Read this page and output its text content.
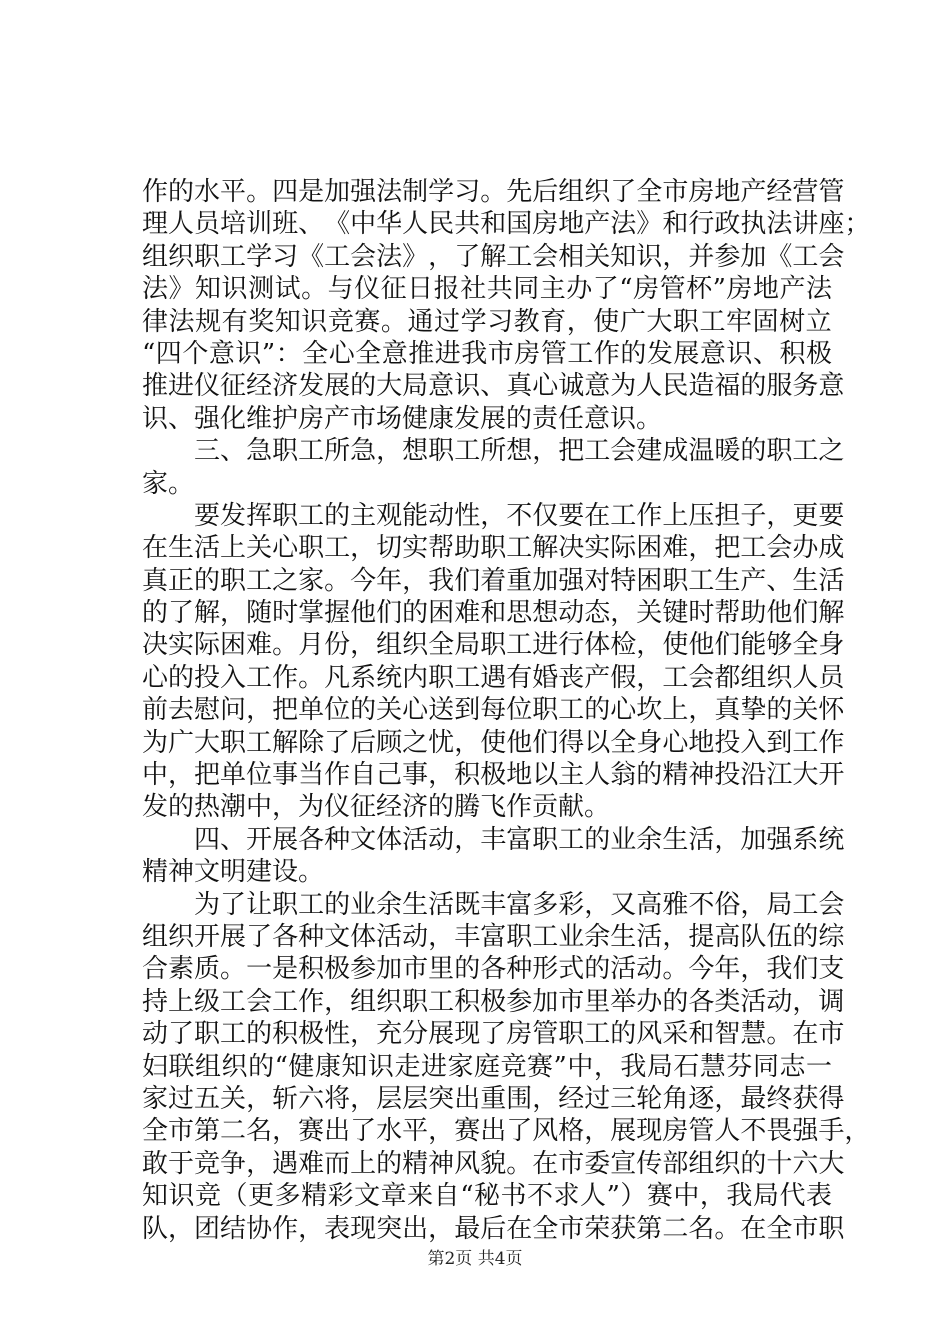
作 的 水 平 。 四 是 加 强 法 制 学 习 。 先 后 组 织 了 全 市 房 地 产 经 营 管
理 人 员 培 训 班 、 《 中 华 人 民 共 和 国 房 地 产 法 》 和 行 政 执 法 讲 座 ；
组 织 职 工 学 习 《 工 会 法 》 ， 了 解 工 会 相 关 知 识 ， 并 参 加 《 工 会
法 》 知 识 测 试 。 与 仪 征 日 报 社 共 同 主 办 了 “ 房 管 杯 ” 房 地 产 法
律 法 规 有 奖 知 识 竞 赛 。 通 过 学 习 教 育 ， 使 广 大 职 工 牢 固 树 立
“ 四 个 意 识 ” ： 全 心 全 意 推 进 我 市 房 管 工 作 的 发 展 意 识 、 积 极
推 进 仪 征 经 济 发 展 的 大 局 意 识 、 真 心 诚 意 为 人 民 造 福 的 服 务 意
识、强化维护房产市场健康发展的责任意识。

三 、 急 职 工 所 急 ， 想 职 工 所 想 ， 把 工 会 建 成 温 暖 的 职 工 之
家。

要 发 挥 职 工 的 主 观 能 动 性 ， 不 仅 要 在 工 作 上 压 担 子 ， 更 要
在 生 活 上 关 心 职 工 ， 切 实 帮 助 职 工 解 决 实 际 困 难 ， 把 工 会 办 成
真 正 的 职 工 之 家 。 今 年 ， 我 们 着 重 加 强 对 特 困 职 工 生 产 、 生 活
的 了 解 ， 随 时 掌 握 他 们 的 困 难 和 思 想 动 态 ， 关 键 时 帮 助 他 们 解
决 实 际 困 难 。 月 份 ， 组 织 全 局 职 工 进 行 体 检 ， 使 他 们 能 够 全 身
心 的 投 入 工 作 。 凡 系 统 内 职 工 遇 有 婚 丧 产 假 ， 工 会 都 组 织 人 员
前 去 慰 问 ， 把 单 位 的 关 心 送 到 每 位 职 工 的 心 坎 上 ， 真 挚 的 关 怀
为 广 大 职 工 解 除 了 后 顾 之 忧 ， 使 他 们 得 以 全 身 心 地 投 入 到 工 作
中 ， 把 单 位 事 当 作 自 己 事 ， 积 极 地 以 主 人 翁 的 精 神 投 沿 江 大 开
发的热潮中，为仪征经济的腾飞作贡献。

四 、 开 展 各 种 文 体 活 动 ， 丰 富 职 工 的 业 余 生 活 ， 加 强 系 统
精神文明建设。

为 了 让 职 工 的 业 余 生 活 既 丰 富 多 彩 ， 又 高 雅 不 俗 ， 局 工 会
组 织 开 展 了 各 种 文 体 活 动 ， 丰 富 职 工 业 余 生 活 ， 提 高 队 伍 的 综
合 素 质 。 一 是 积 极 参 加 市 里 的 各 种 形 式 的 活 动 。 今 年 ， 我 们 支
持 上 级 工 会 工 作 ， 组 织 职 工 积 极 参 加 市 里 举 办 的 各 类 活 动 ， 调
动 了 职 工 的 积 极 性 ， 充 分 展 现 了 房 管 职 工 的 风 采 和 智 慧 。 在 市
妇 联 组 织 的 “ 健 康 知 识 走 进 家 庭 竞 赛 ” 中 ， 我 局 石 慧 芬 同 志 一
家 过 五 关 ， 斩 六 将 ， 层 层 突 出 重 围 ， 经 过 三 轮 角 逐 ， 最 终 获 得
全 市 第 二 名 ， 赛 出 了 水 平 ， 赛 出 了 风 格 ， 展 现 房 管 人 不 畏 强 手 ，
敢 于 竞 争 ， 遇 难 而 上 的 精 神 风 貌 。 在 市 委 宣 传 部 组 织 的 十 六 大
知 识 竞 （ 更 多 精 彩 文 章 来 自 “ 秘 书 不 求 人 ” ） 赛 中 ， 我 局 代 表
队 ， 团 结 协 作 ， 表 现 突 出 ， 最 后 在 全 市 荣 获 第 二 名 。 在 全 市 职
第2页 共4页
